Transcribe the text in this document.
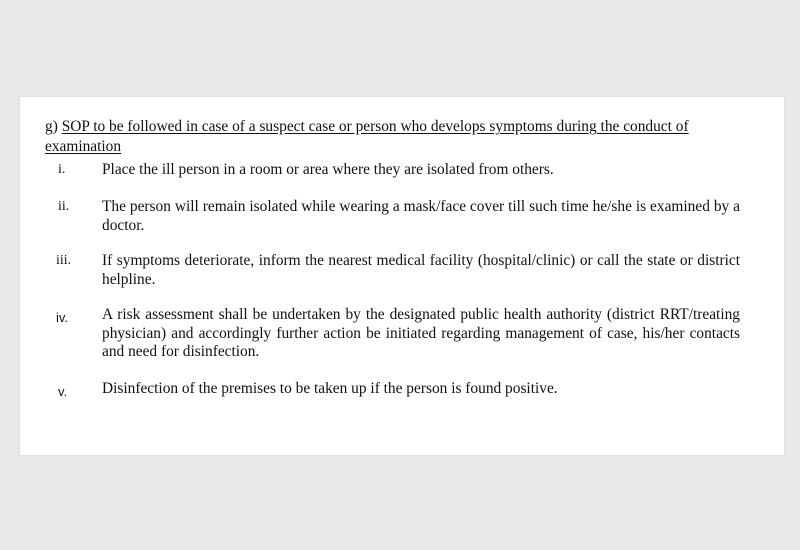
g) SOP to be followed in case of a suspect case or person who develops symptoms during the conduct of
examination
i.	Place the ill person in a room or area where they are isolated from others.
ii.	The person will remain isolated while wearing a mask/face cover till such time he/she is examined by a doctor.
iii.	If symptoms deteriorate, inform the nearest medical facility (hospital/clinic) or call the state or district helpline.
iv.	A risk assessment shall be undertaken by the designated public health authority (district RRT/treating physician) and accordingly further action be initiated regarding management of case, his/her contacts and need for disinfection.
v.	Disinfection of the premises to be taken up if the person is found positive.
